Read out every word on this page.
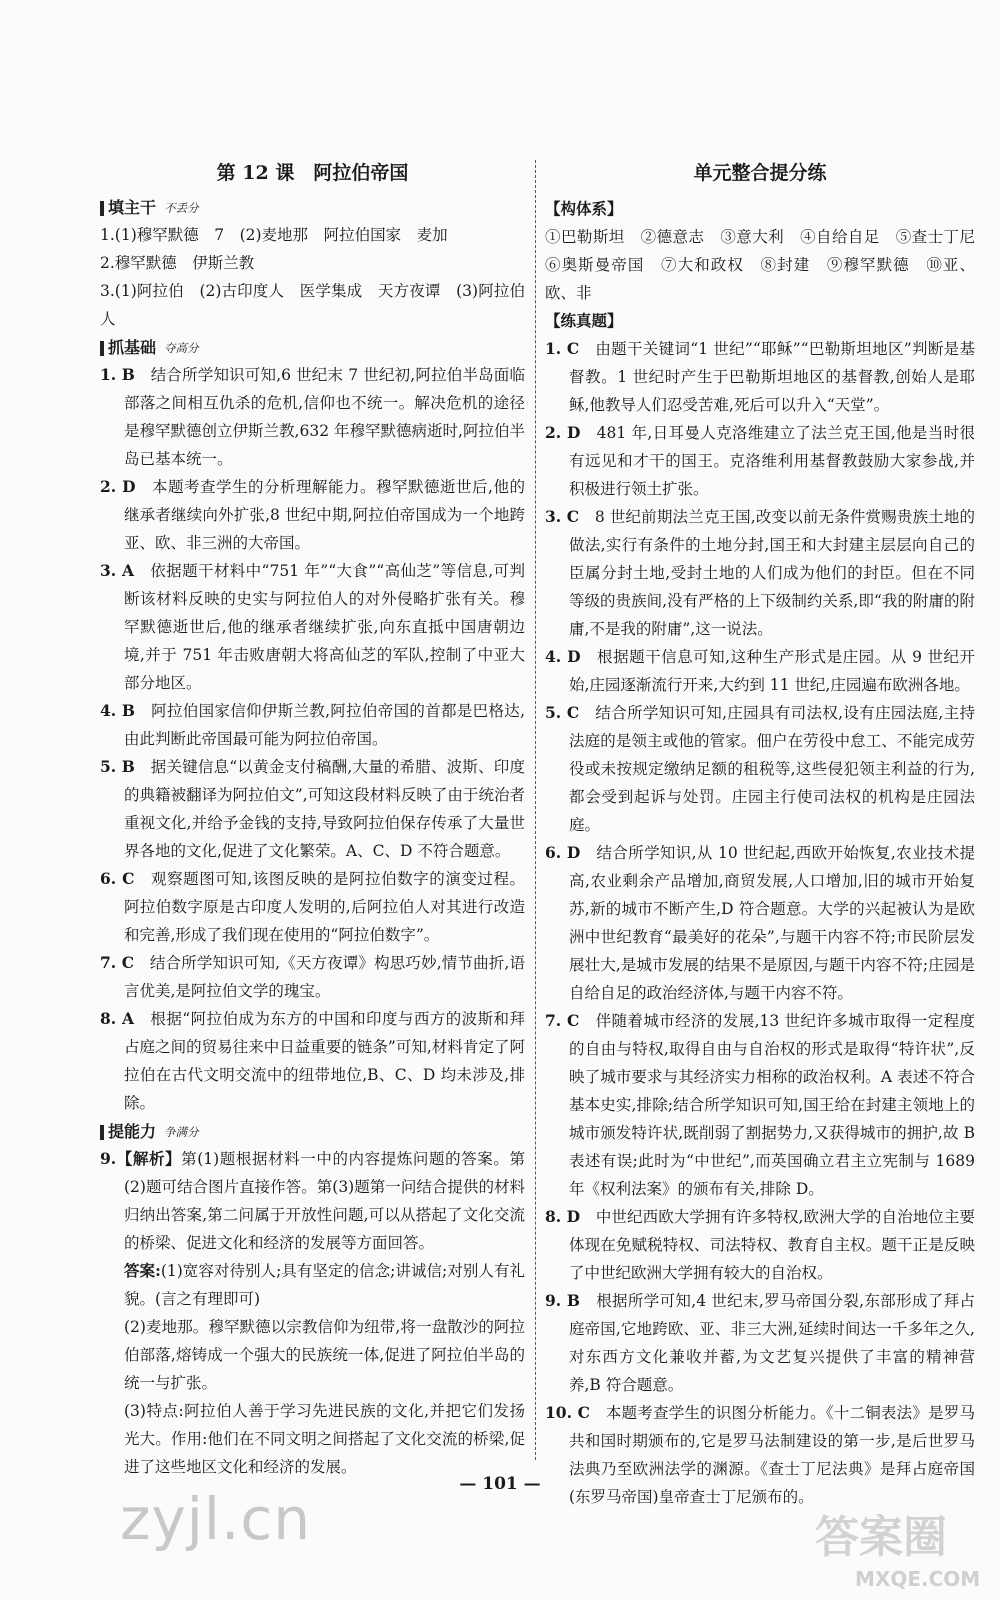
第 12 课　阿拉伯帝国
填主干 不丢分

1.(1)穆罕默德　7　(2)麦地那　阿拉伯国家　麦加

2.穆罕默德　伊斯兰教

3.(1)阿拉伯　(2)古印度人　医学集成　天方夜谭　(3)阿拉伯人

抓基础 夺高分

1. B　结合所学知识可知,6 世纪末 7 世纪初,阿拉伯半岛面临部落之间相互仇杀的危机,信仰也不统一。解决危机的途径是穆罕默德创立伊斯兰教,632 年穆罕默德病逝时,阿拉伯半岛已基本统一。

2. D　本题考查学生的分析理解能力。穆罕默德逝世后,他的继承者继续向外扩张,8 世纪中期,阿拉伯帝国成为一个地跨亚、欧、非三洲的大帝国。

3. A　依据题干材料中“751 年”“大食”“高仙芝”等信息,可判断该材料反映的史实与阿拉伯人的对外侵略扩张有关。穆罕默德逝世后,他的继承者继续扩张,向东直抵中国唐朝边境,并于 751 年击败唐朝大将高仙芝的军队,控制了中亚大部分地区。

4. B　阿拉伯国家信仰伊斯兰教,阿拉伯帝国的首都是巴格达,由此判断此帝国最可能为阿拉伯帝国。

5. B　据关键信息“以黄金支付稿酬,大量的希腊、波斯、印度的典籍被翻译为阿拉伯文”,可知这段材料反映了由于统治者重视文化,并给予金钱的支持,导致阿拉伯保存传承了大量世界各地的文化,促进了文化繁荣。A、C、D 不符合题意。

6. C　观察题图可知,该图反映的是阿拉伯数字的演变过程。阿拉伯数字原是古印度人发明的,后阿拉伯人对其进行改造和完善,形成了我们现在使用的“阿拉伯数字”。

7. C　结合所学知识可知,《天方夜谭》构思巧妙,情节曲折,语言优美,是阿拉伯文学的瑰宝。

8. A　根据“阿拉伯成为东方的中国和印度与西方的波斯和拜占庭之间的贸易往来中日益重要的链条”可知,材料肯定了阿拉伯在古代文明交流中的纽带地位,B、C、D 均未涉及,排除。

提能力 争满分

9.【解析】第(1)题根据材料一中的内容提炼问题的答案。第(2)题可结合图片直接作答。第(3)题第一问结合提供的材料归纳出答案,第二问属于开放性问题,可以从搭起了文化交流的桥梁、促进文化和经济的发展等方面回答。

答案:(1)宽容对待别人;具有坚定的信念;讲诚信;对别人有礼貌。(言之有理即可)

(2)麦地那。穆罕默德以宗教信仰为纽带,将一盘散沙的阿拉伯部落,熔铸成一个强大的民族统一体,促进了阿拉伯半岛的统一与扩张。

(3)特点:阿拉伯人善于学习先进民族的文化,并把它们发扬光大。作用:他们在不同文明之间搭起了文化交流的桥梁,促进了这些地区文化和经济的发展。

单元整合提分练
【构体系】

①巴勒斯坦　②德意志　③意大利　④自给自足　⑤查士丁尼　⑥奥斯曼帝国　⑦大和政权　⑧封建　⑨穆罕默德　⑩亚、欧、非

【练真题】

1. C　由题干关键词“1 世纪”“耶稣”“巴勒斯坦地区”判断是基督教。1 世纪时产生于巴勒斯坦地区的基督教,创始人是耶稣,他教导人们忍受苦难,死后可以升入“天堂”。

2. D　481 年,日耳曼人克洛维建立了法兰克王国,他是当时很有远见和才干的国王。克洛维利用基督教鼓励大家参战,并积极进行领土扩张。

3. C　8 世纪前期法兰克王国,改变以前无条件赏赐贵族土地的做法,实行有条件的土地分封,国王和大封建主层层向自己的臣属分封土地,受封土地的人们成为他们的封臣。但在不同等级的贵族间,没有严格的上下级制约关系,即“我的附庸的附庸,不是我的附庸”,这一说法。

4. D　根据题干信息可知,这种生产形式是庄园。从 9 世纪开始,庄园逐渐流行开来,大约到 11 世纪,庄园遍布欧洲各地。

5. C　结合所学知识可知,庄园具有司法权,设有庄园法庭,主持法庭的是领主或他的管家。佃户在劳役中怠工、不能完成劳役或未按规定缴纳足额的租税等,这些侵犯领主利益的行为,都会受到起诉与处罚。庄园主行使司法权的机构是庄园法庭。

6. D　结合所学知识,从 10 世纪起,西欧开始恢复,农业技术提高,农业剩余产品增加,商贸发展,人口增加,旧的城市开始复苏,新的城市不断产生,D 符合题意。大学的兴起被认为是欧洲中世纪教育“最美好的花朵”,与题干内容不符;市民阶层发展壮大,是城市发展的结果不是原因,与题干内容不符;庄园是自给自足的政治经济体,与题干内容不符。

7. C　伴随着城市经济的发展,13 世纪许多城市取得一定程度的自由与特权,取得自由与自治权的形式是取得“特许状”,反映了城市要求与其经济实力相称的政治权利。A 表述不符合基本史实,排除;结合所学知识可知,国王给在封建主领地上的城市颁发特许状,既削弱了割据势力,又获得城市的拥护,故 B 表述有误;此时为“中世纪”,而英国确立君主立宪制与 1689 年《权利法案》的颁布有关,排除 D。

8. D　中世纪西欧大学拥有许多特权,欧洲大学的自治地位主要体现在免赋税特权、司法特权、教育自主权。题干正是反映了中世纪欧洲大学拥有较大的自治权。

9. B　根据所学可知,4 世纪末,罗马帝国分裂,东部形成了拜占庭帝国,它地跨欧、亚、非三大洲,延续时间达一千多年之久,对东西方文化兼收并蓄,为文艺复兴提供了丰富的精神营养,B 符合题意。

10. C　本题考查学生的识图分析能力。《十二铜表法》是罗马共和国时期颁布的,它是罗马法制建设的第一步,是后世罗马法典乃至欧洲法学的渊源。《查士丁尼法典》是拜占庭帝国(东罗马帝国)皇帝查士丁尼颁布的。

— 101 —
zyjl.cn	答案圈
MXQE.COM
